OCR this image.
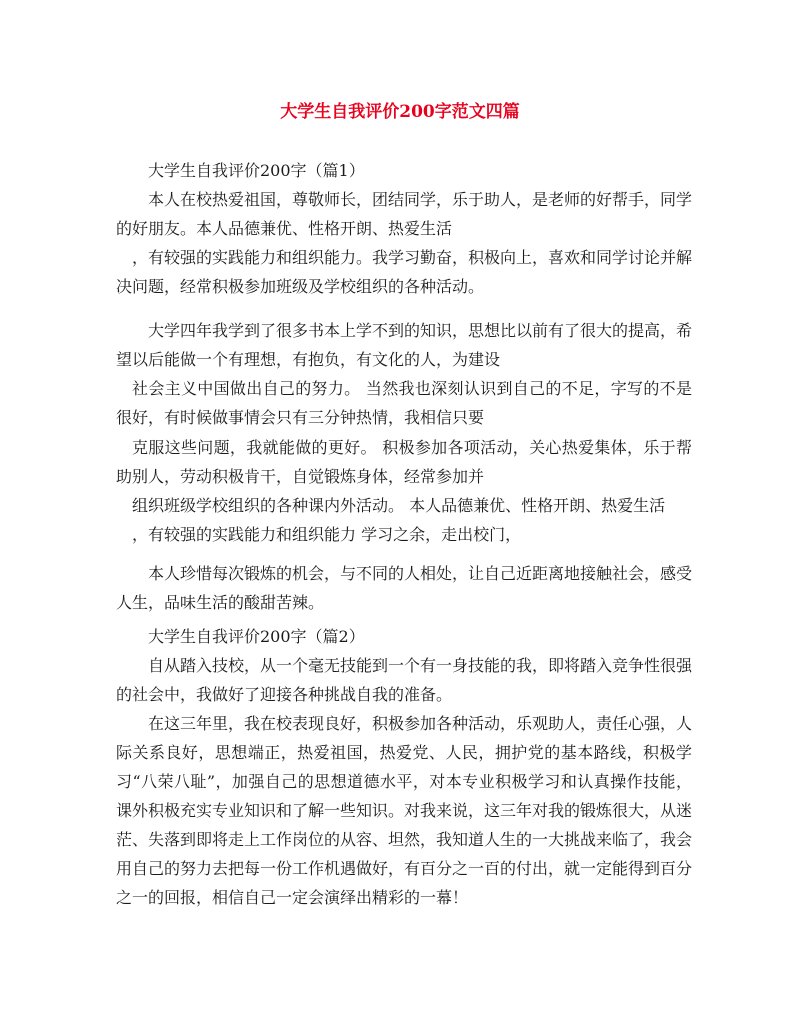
大学生自我评价200字范文四篇

大学生自我评价200字（篇1）

本人在校热爱祖国，尊敬师长，团结同学，乐于助人，是老师的好帮手，同学的好朋友。本人品德兼优、性格开朗、热爱生活

，有较强的实践能力和组织能力。我学习勤奋，积极向上，喜欢和同学讨论并解决问题，经常积极参加班级及学校组织的各种活动。

大学四年我学到了很多书本上学不到的知识，思想比以前有了很大的提高，希望以后能做一个有理想，有抱负，有文化的人，为建设

社会主义中国做出自己的努力。 当然我也深刻认识到自己的不足，字写的不是很好，有时候做事情会只有三分钟热情，我相信只要

克服这些问题，我就能做的更好。 积极参加各项活动，关心热爱集体，乐于帮助别人，劳动积极肯干，自觉锻炼身体，经常参加并

组织班级学校组织的各种课内外活动。 本人品德兼优、性格开朗、热爱生活

，有较强的实践能力和组织能力 学习之余，走出校门，

本人珍惜每次锻炼的机会，与不同的人相处，让自己近距离地接触社会，感受人生，品味生活的酸甜苦辣。

大学生自我评价200字（篇2）

自从踏入技校，从一个毫无技能到一个有一身技能的我，即将踏入竞争性很强的社会中，我做好了迎接各种挑战自我的准备。

在这三年里，我在校表现良好，积极参加各种活动，乐观助人，责任心强，人际关系良好，思想端正，热爱祖国，热爱党、人民，拥护党的基本路线，积极学习“八荣八耻”，加强自己的思想道德水平，对本专业积极学习和认真操作技能，课外积极充实专业知识和了解一些知识。对我来说，这三年对我的锻炼很大，从迷茫、失落到即将走上工作岗位的从容、坦然，我知道人生的一大挑战来临了，我会用自己的努力去把每一份工作机遇做好，有百分之一百的付出，就一定能得到百分之一的回报，相信自己一定会演绎出精彩的一幕！
